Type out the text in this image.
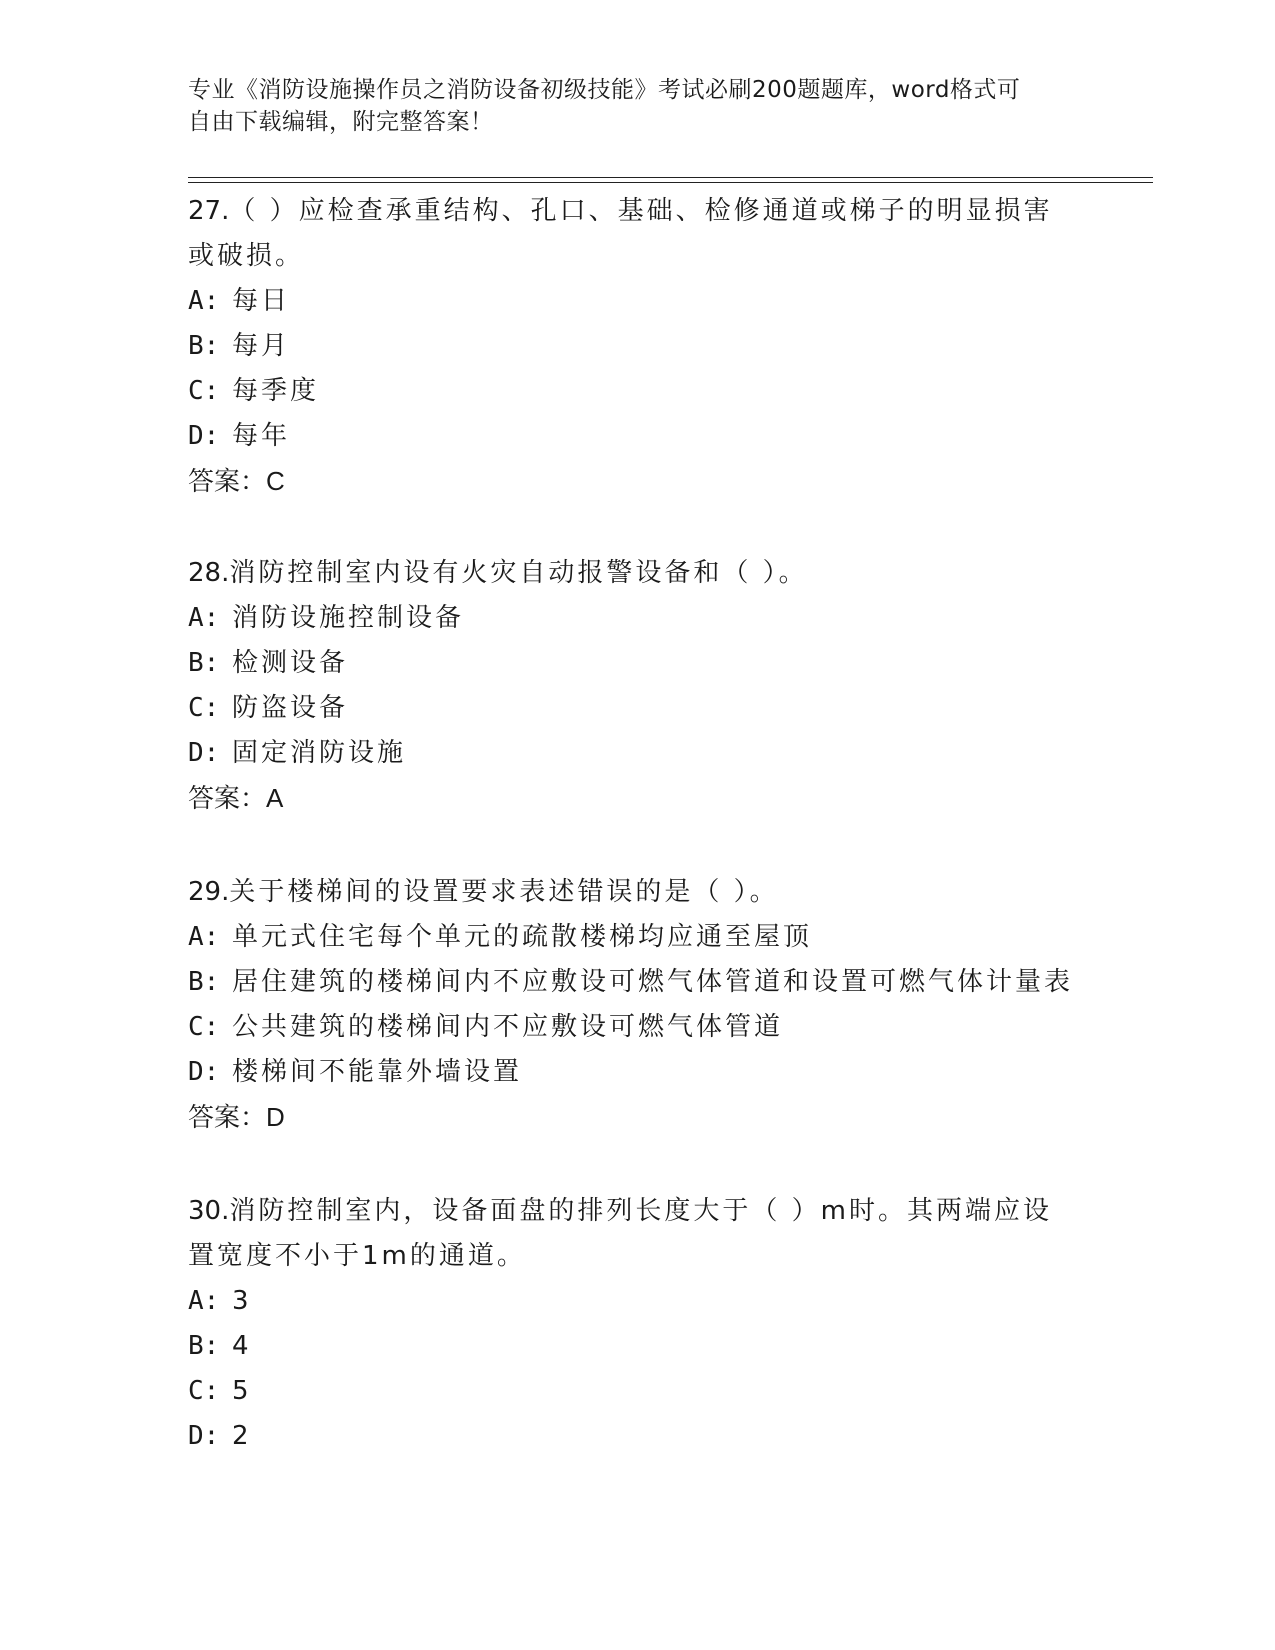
专业《消防设施操作员之消防设备初级技能》考试必刷200题题库，word格式可
自由下载编辑，附完整答案！

27.（ ）应检查承重结构、孔口、基础、检修通道或梯子的明显损害

或破损。

A: 每日

B: 每月

C: 每季度

D: 每年

答案：C

28.消防控制室内设有火灾自动报警设备和（ ）。

A: 消防设施控制设备

B: 检测设备

C: 防盗设备

D: 固定消防设施

答案：A

29.关于楼梯间的设置要求表述错误的是（ ）。

A: 单元式住宅每个单元的疏散楼梯均应通至屋顶

B: 居住建筑的楼梯间内不应敷设可燃气体管道和设置可燃气体计量表

C: 公共建筑的楼梯间内不应敷设可燃气体管道

D: 楼梯间不能靠外墙设置

答案：D

30.消防控制室内，设备面盘的排列长度大于（ ）m时。其两端应设

置宽度不小于1m的通道。

A: 3

B: 4

C: 5

D: 2
